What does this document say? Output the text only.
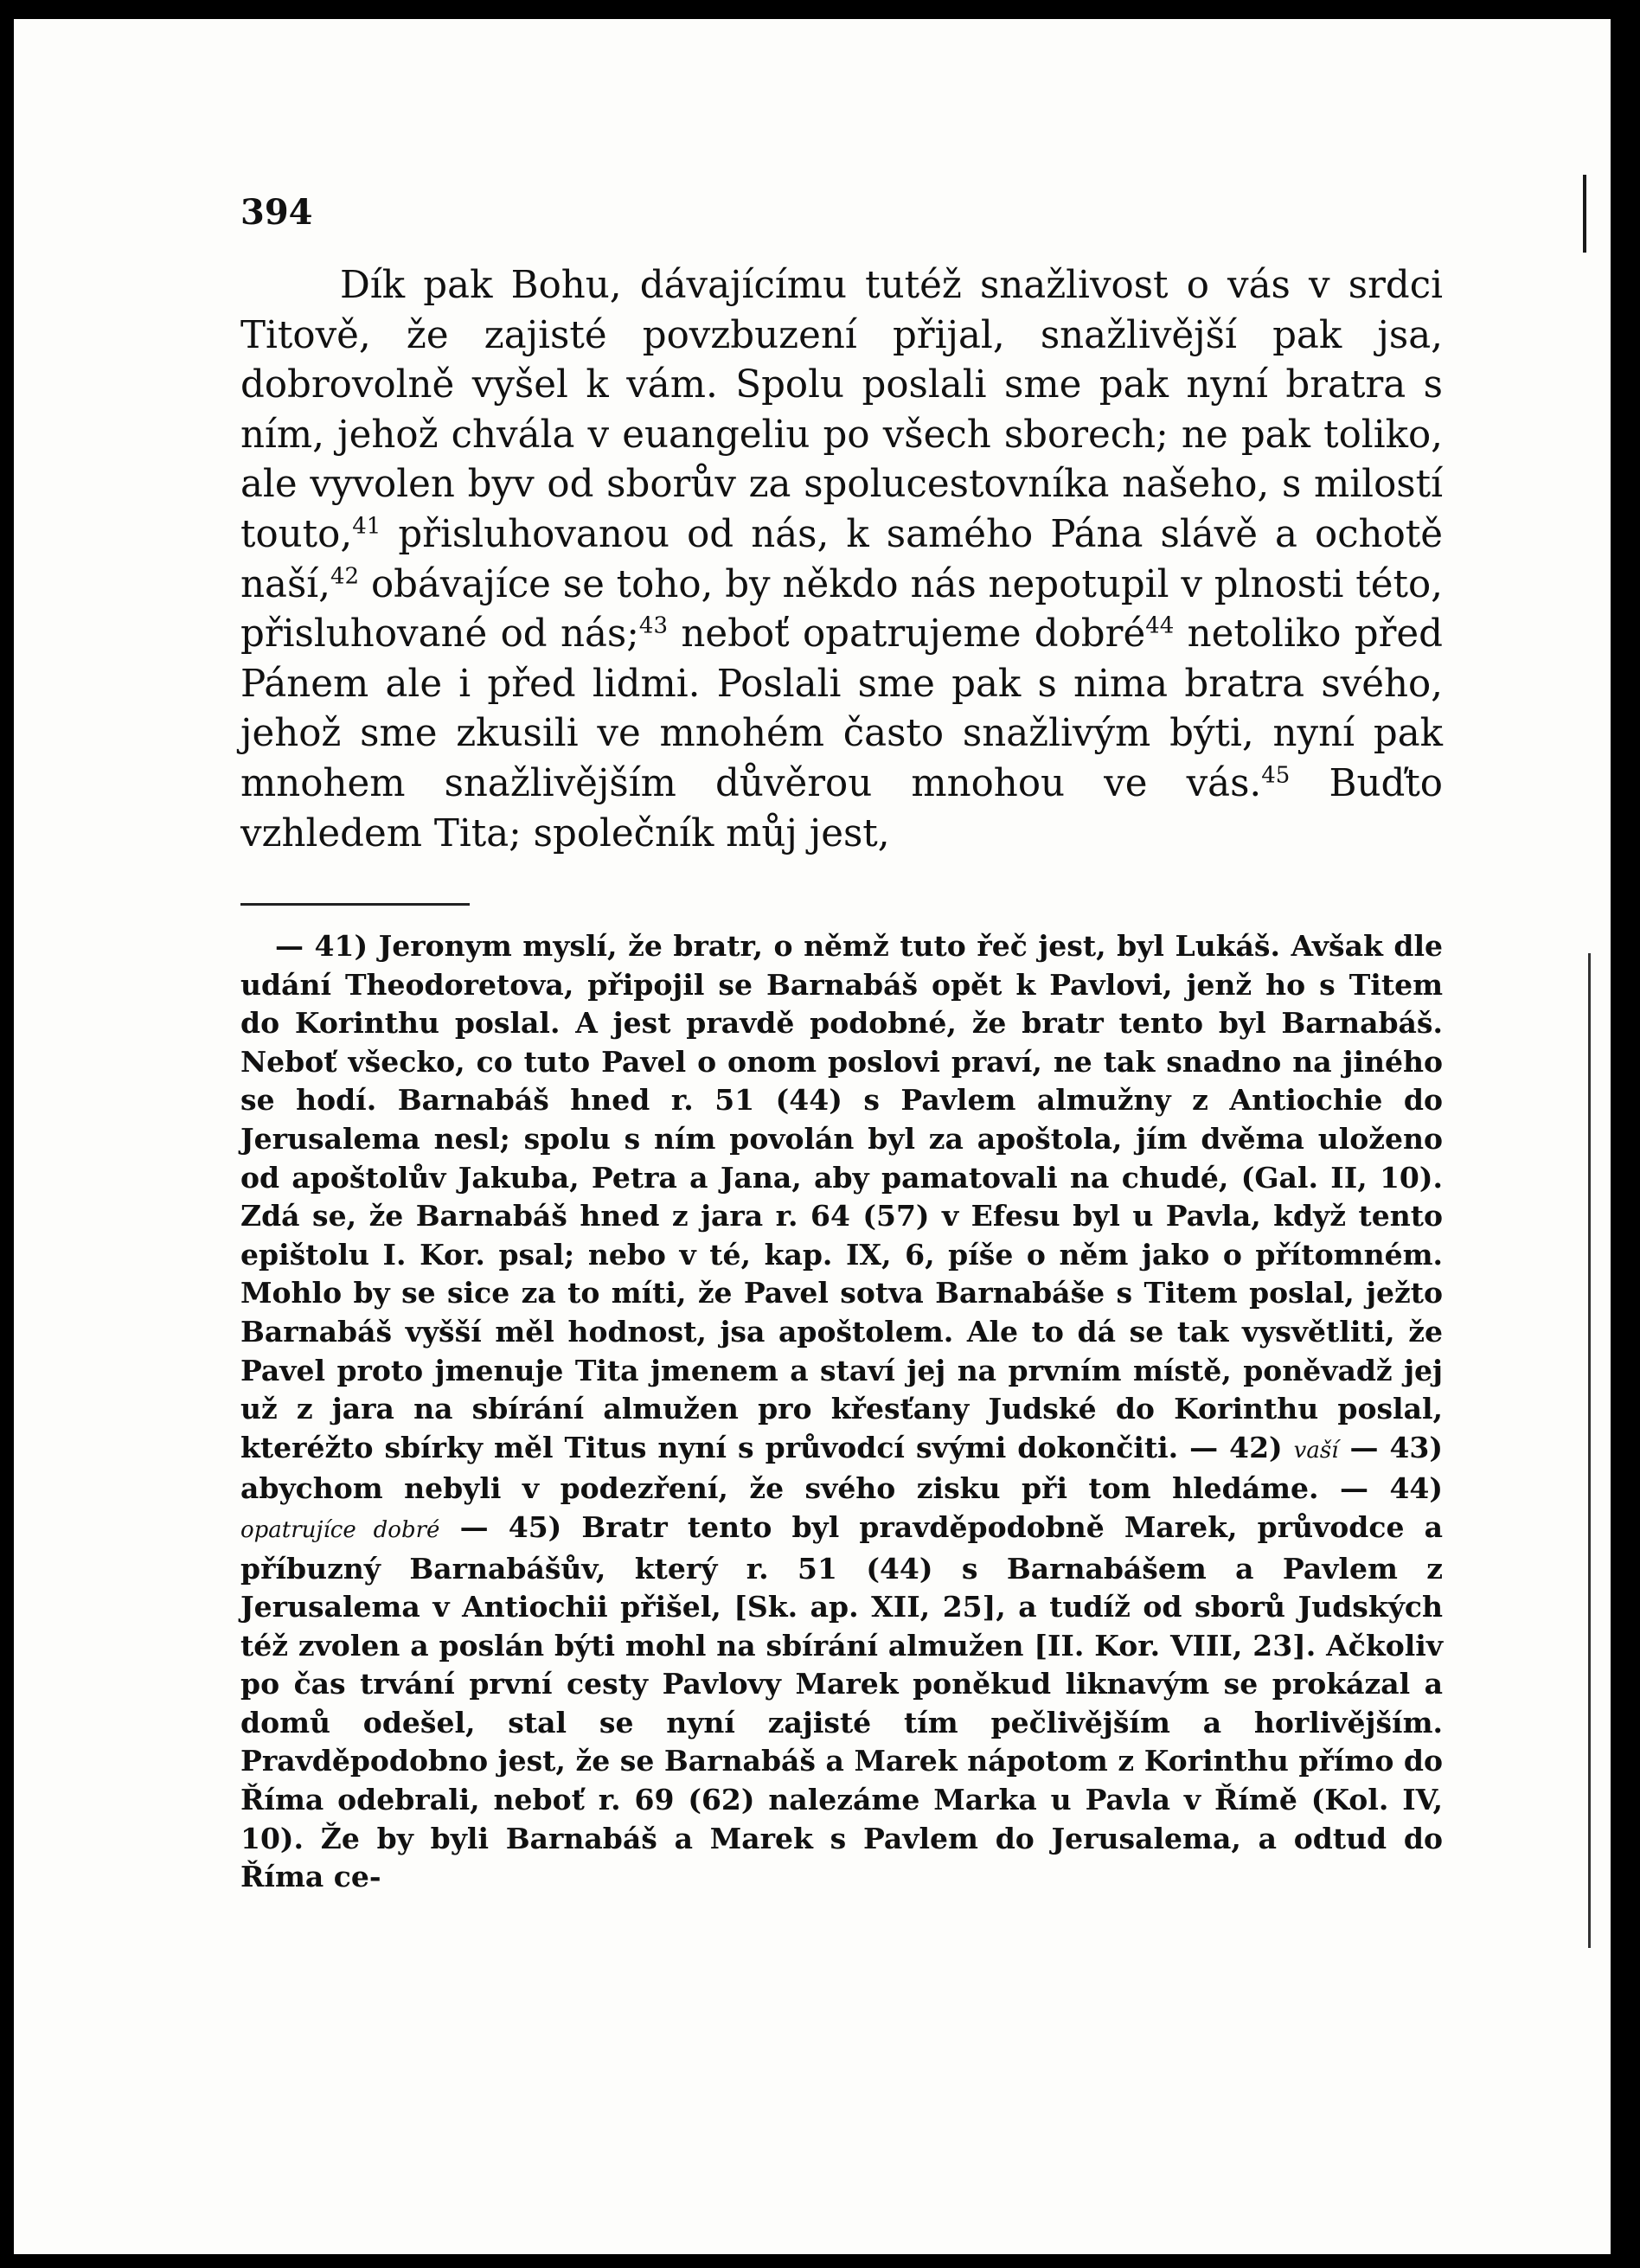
394

Dík pak Bohu, dávajícímu tutéž snažlivost o vás v srdci Titově, že zajisté povzbuzení přijal, snažlivější pak jsa, dobrovolně vyšel k vám. Spolu poslali sme pak nyní bratra s ním, jehož chvála v euangeliu po všech sborech; ne pak toliko, ale vyvolen byv od sborův za spolucestovníka našeho, s milostí touto,$^{41}$ přisluhovanou od nás, k samého Pána slávě a ochotě naší,$^{42}$ obávajíce se toho, by někdo nás nepotupil v plnosti této, přisluhované od nás;$^{43}$ neboť opatrujeme dobré$^{44}$ netoliko před Pánem ale i před lidmi. Poslali sme pak s nima bratra svého, jehož sme zkusili ve mnohém často snažlivým býti, nyní pak mnohem snažlivějším důvěrou mnohou ve vás.$^{45}$ Buďto vzhledem Tita; společník můj jest,

— 41) Jeronym myslí, že bratr, o němž tuto řeč jest, byl Lukáš. Avšak dle udání Theodoretova, připojil se Barnabáš opět k Pavlovi, jenž ho s Titem do Korinthu poslal. A jest pravdě podobné, že bratr tento byl Barnabáš. Neboť všecko, co tuto Pavel o onom poslovi praví, ne tak snadno na jiného se hodí. Barnabáš hned r. 51 (44) s Pavlem almužny z Antiochie do Jerusalema nesl; spolu s ním povolán byl za apoštola, jím dvěma uloženo od apoštolův Jakuba, Petra a Jana, aby pamatovali na chudé, (Gal. II, 10). Zdá se, že Barnabáš hned z jara r. 64 (57) v Efesu byl u Pavla, když tento epištolu I. Kor. psal; nebo v té, kap. IX, 6, píše o něm jako o přítomném. Mohlo by se sice za to míti, že Pavel sotva Barnabáše s Titem poslal, ježto Barnabáš vyšší měl hodnost, jsa apoštolem. Ale to dá se tak vysvětliti, že Pavel proto jmenuje Tita jmenem a staví jej na prvním místě, poněvadž jej už z jara na sbírání almužen pro křesťany Judské do Korinthu poslal, kteréžto sbírky měl Titus nyní s průvodcí svými dokončiti. — 42) vaší — 43) abychom nebyli v podezření, že svého zisku při tom hledáme. — 44) opatrujíce dobré — 45) Bratr tento byl pravděpodobně Marek, průvodce a příbuzný Barnabášův, který r. 51 (44) s Barnabášem a Pavlem z Jerusalema v Antiochii přišel, [Sk. ap. XII, 25], a tudíž od sborů Judských též zvolen a poslán býti mohl na sbírání almužen [II. Kor. VIII, 23]. Ačkoliv po čas trvání první cesty Pavlovy Marek poněkud liknavým se prokázal a domů odešel, stal se nyní zajisté tím pečlivějším a horlivějším. Pravděpodobno jest, že se Barnabáš a Marek nápotom z Korinthu přímo do Říma odebrali, neboť r. 69 (62) nalezáme Marka u Pavla v Římě (Kol. IV, 10). Že by byli Barnabáš a Marek s Pavlem do Jerusalema, a odtud do Říma ce-
